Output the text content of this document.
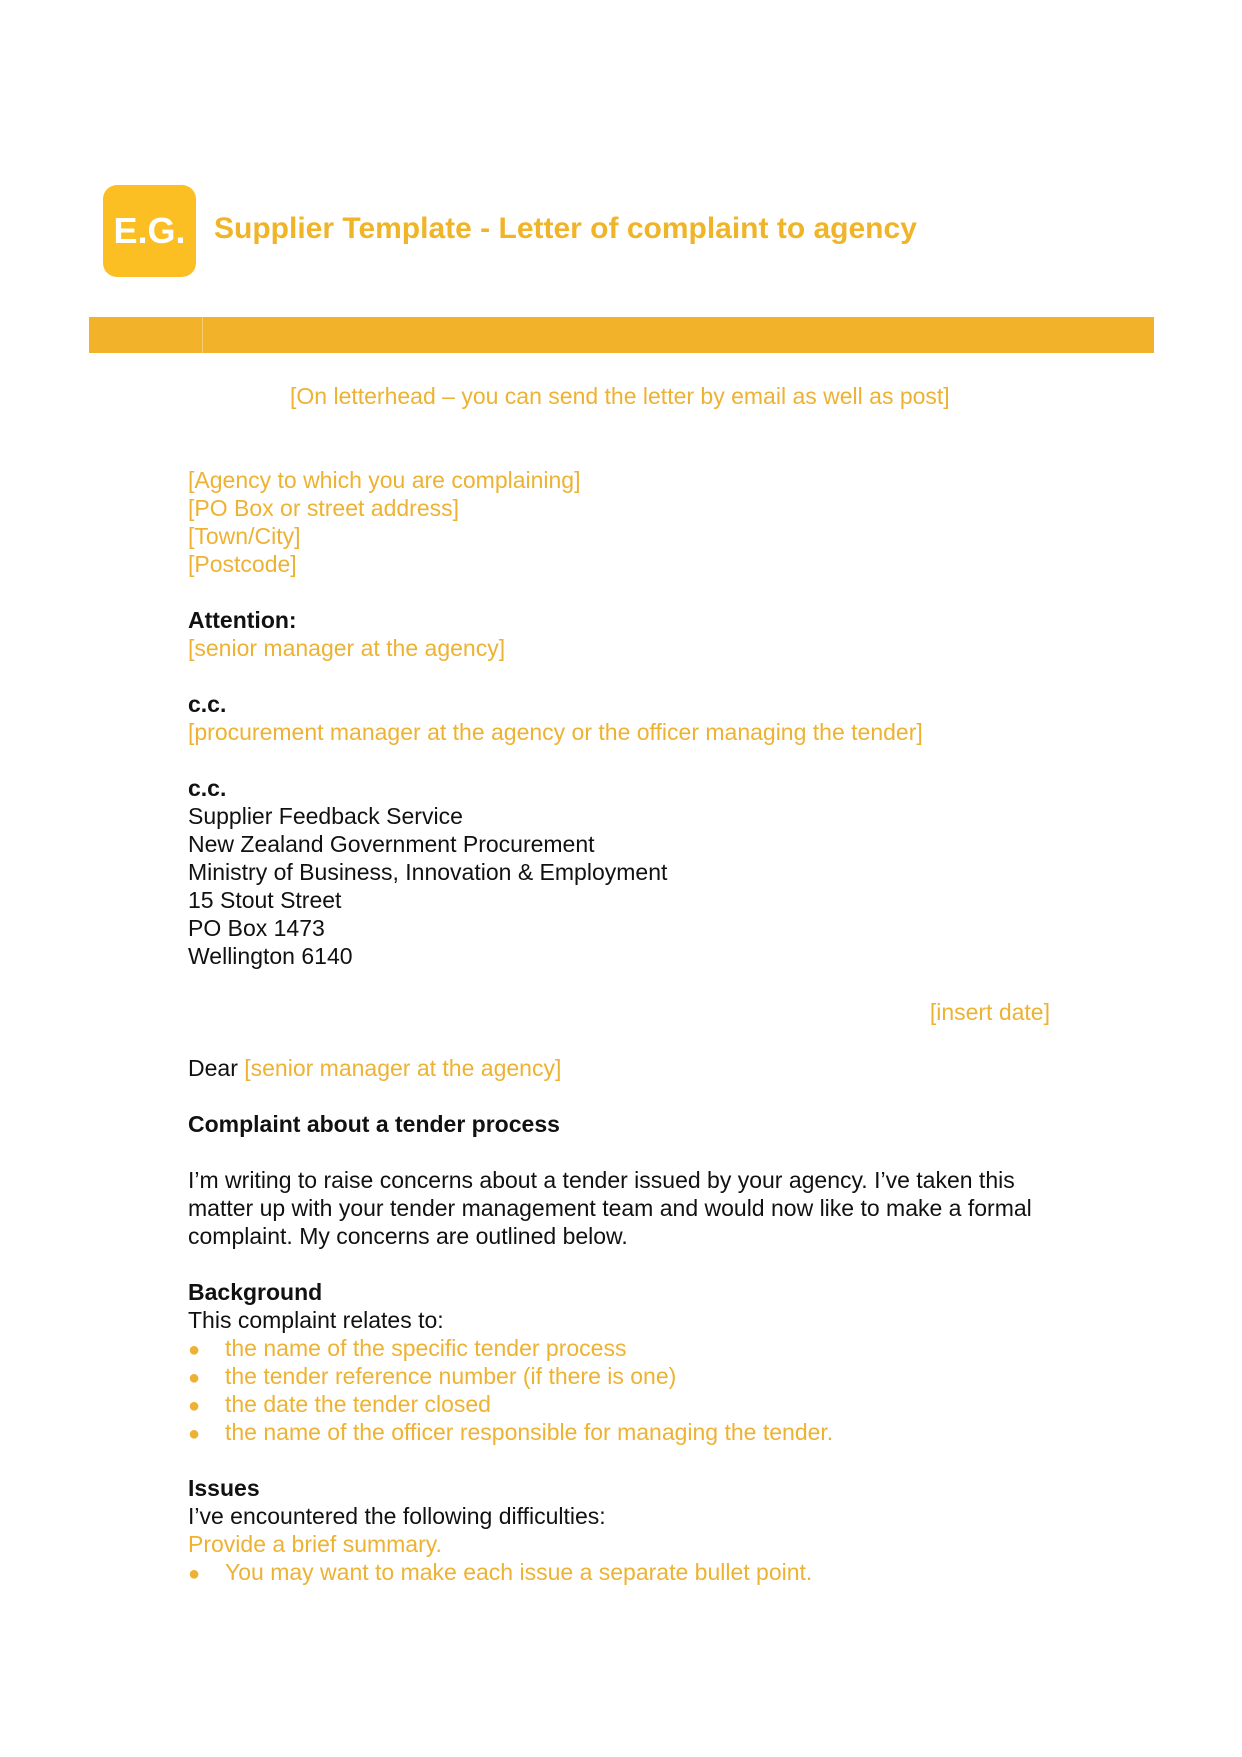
E.G. Supplier Template - Letter of complaint to agency
[On letterhead – you can send the letter by email as well as post]
[Agency to which you are complaining]
[PO Box or street address]
[Town/City]
[Postcode]
Attention:
[senior manager at the agency]
c.c.
[procurement manager at the agency or the officer managing the tender]
c.c.
Supplier Feedback Service
New Zealand Government Procurement
Ministry of Business, Innovation & Employment
15 Stout Street
PO Box 1473
Wellington 6140
[insert date]
Dear [senior manager at the agency]
Complaint about a tender process
I’m writing to raise concerns about a tender issued by your agency. I’ve taken this
matter up with your tender management team and would now like to make a formal
complaint. My concerns are outlined below.
Background
This complaint relates to:
● the name of the specific tender process
● the tender reference number (if there is one)
● the date the tender closed
● the name of the officer responsible for managing the tender.
Issues
I’ve encountered the following difficulties:
Provide a brief summary.
● You may want to make each issue a separate bullet point.
